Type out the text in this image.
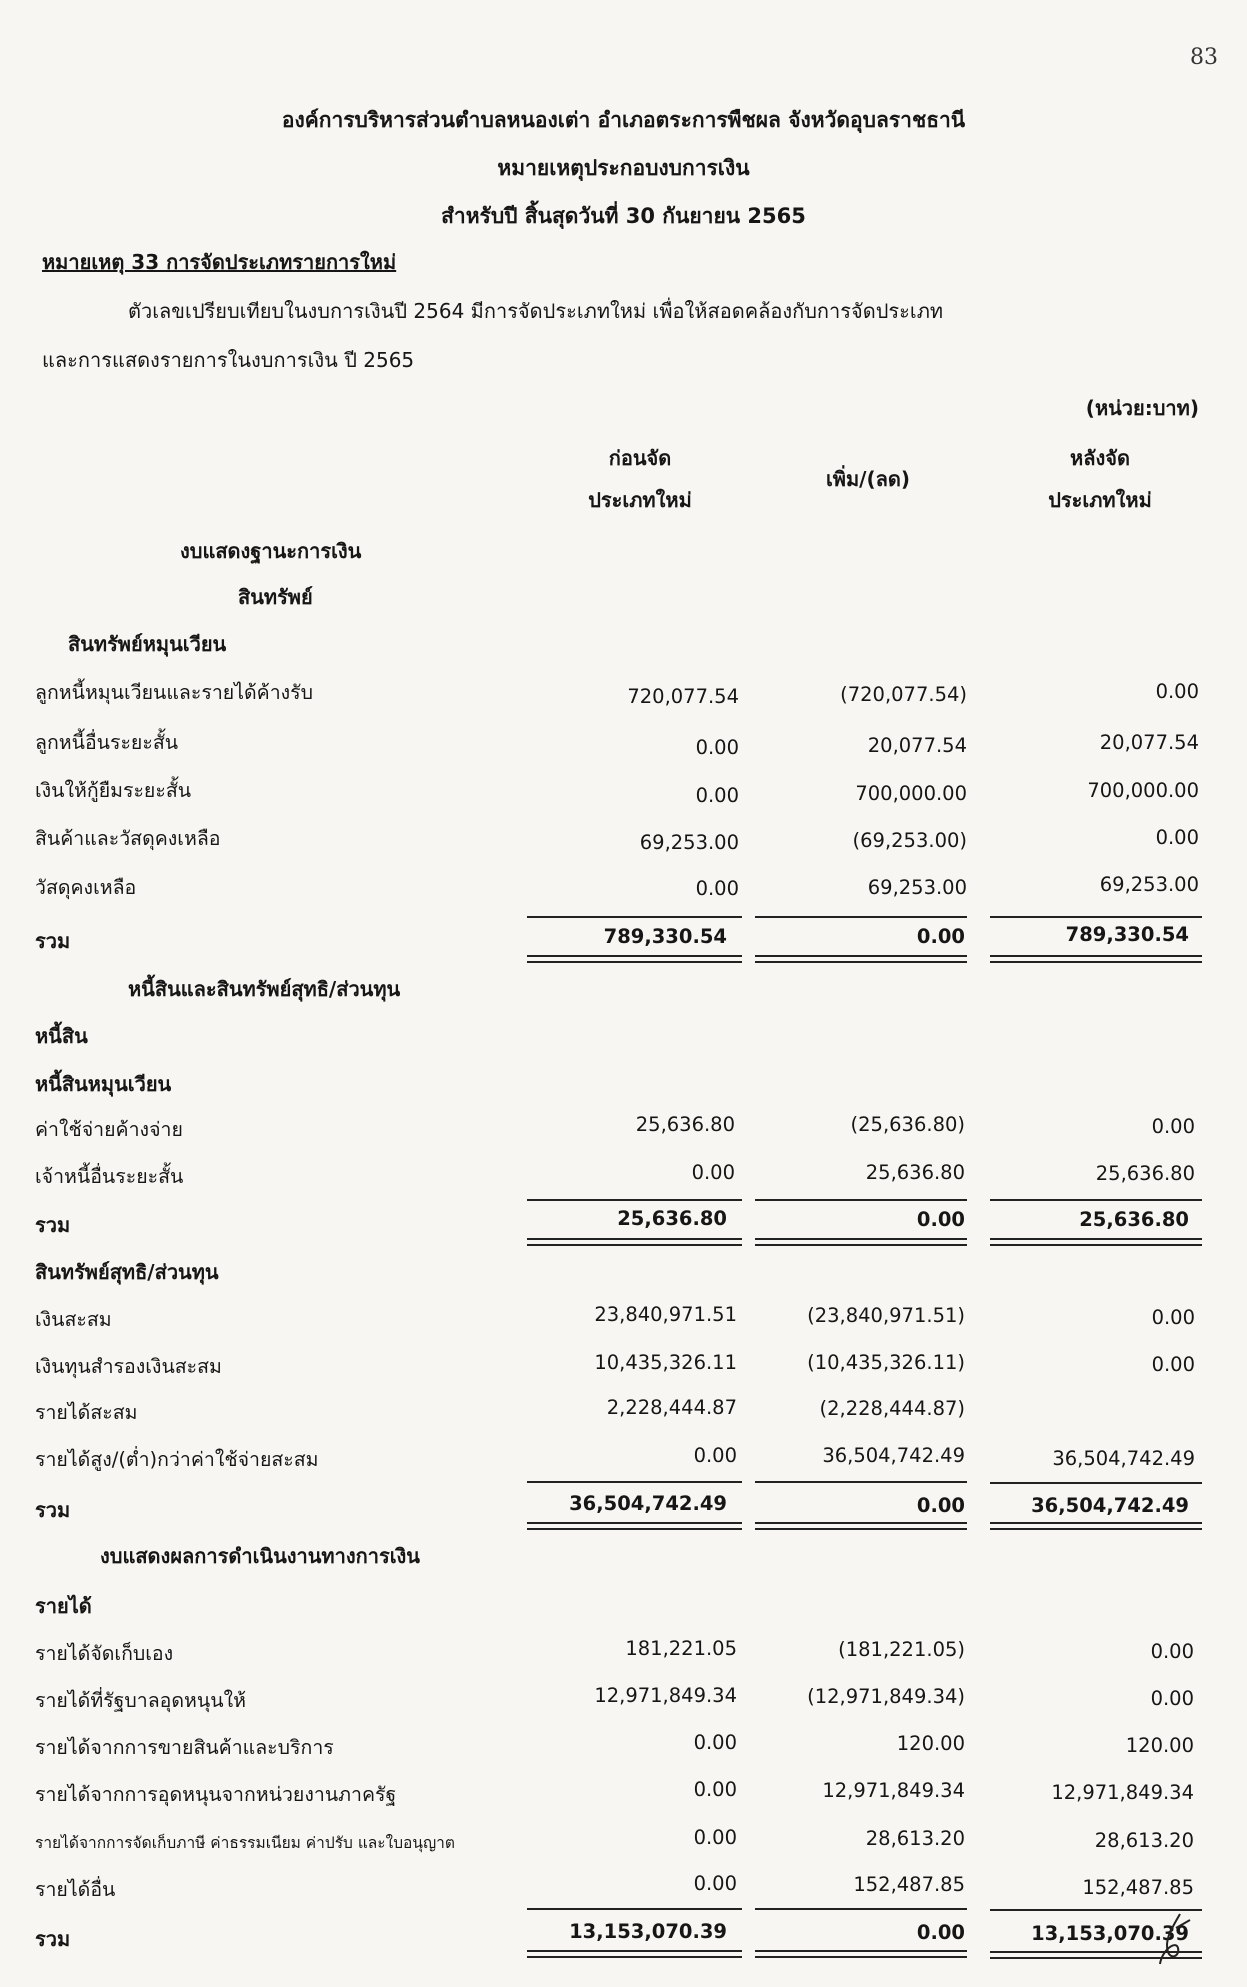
83
องค์การบริหารส่วนตำบลหนองเต่า อำเภอตระการพืชผล จังหวัดอุบลราชธานี
หมายเหตุประกอบงบการเงิน
สำหรับปี สิ้นสุดวันที่ 30 กันยายน 2565
หมายเหตุ 33 การจัดประเภทรายการใหม่
ตัวเลขเปรียบเทียบในงบการเงินปี 2564 มีการจัดประเภทใหม่ เพื่อให้สอดคล้องกับการจัดประเภท
และการแสดงรายการในงบการเงิน ปี 2565
(หน่วย:บาท)
ก่อนจัด
ประเภทใหม่
เพิ่ม/(ลด)
หลังจัด
ประเภทใหม่
งบแสดงฐานะการเงิน
สินทรัพย์
สินทรัพย์หมุนเวียน
ลูกหนี้หมุนเวียนและรายได้ค้างรับ	720,077.54	(720,077.54)	0.00
ลูกหนี้อื่นระยะสั้น	0.00	20,077.54	20,077.54
เงินให้กู้ยืมระยะสั้น	0.00	700,000.00	700,000.00
สินค้าและวัสดุคงเหลือ	69,253.00	(69,253.00)	0.00
วัสดุคงเหลือ	0.00	69,253.00	69,253.00
รวม	789,330.54	0.00	789,330.54
หนี้สินและสินทรัพย์สุทธิ/ส่วนทุน
หนี้สิน
หนี้สินหมุนเวียน
ค่าใช้จ่ายค้างจ่าย	25,636.80	(25,636.80)	0.00
เจ้าหนี้อื่นระยะสั้น	0.00	25,636.80	25,636.80
รวม	25,636.80	0.00	25,636.80
สินทรัพย์สุทธิ/ส่วนทุน
เงินสะสม	23,840,971.51	(23,840,971.51)	0.00
เงินทุนสำรองเงินสะสม	10,435,326.11	(10,435,326.11)	0.00
รายได้สะสม	2,228,444.87	(2,228,444.87)
รายได้สูง/(ต่ำ)กว่าค่าใช้จ่ายสะสม	0.00	36,504,742.49	36,504,742.49
รวม	36,504,742.49	0.00	36,504,742.49
งบแสดงผลการดำเนินงานทางการเงิน
รายได้
รายได้จัดเก็บเอง	181,221.05	(181,221.05)	0.00
รายได้ที่รัฐบาลอุดหนุนให้	12,971,849.34	(12,971,849.34)	0.00
รายได้จากการขายสินค้าและบริการ	0.00	120.00	120.00
รายได้จากการอุดหนุนจากหน่วยงานภาครัฐ	0.00	12,971,849.34	12,971,849.34
รายได้จากการจัดเก็บภาษี ค่าธรรมเนียม ค่าปรับ และใบอนุญาต	0.00	28,613.20	28,613.20
รายได้อื่น	0.00	152,487.85	152,487.85
รวม	13,153,070.39	0.00	13,153,070.39
